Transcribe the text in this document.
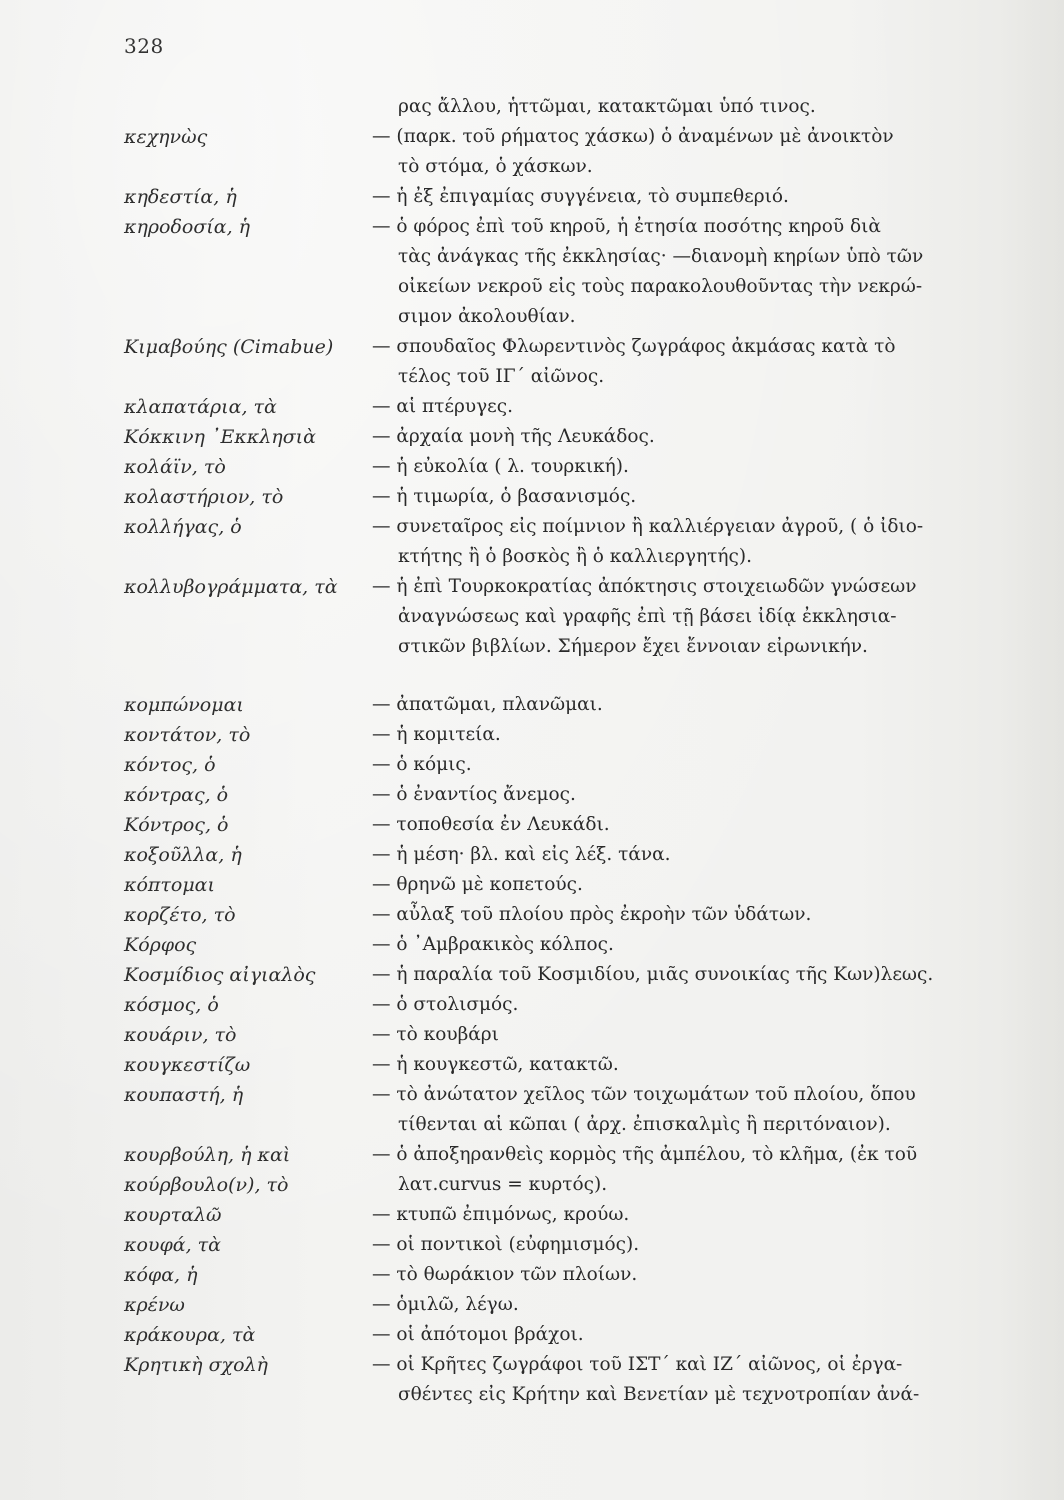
328
ρας ἄλλου, ἡττῶμαι, κατακτῶμαι ὑπό τινος.
κεχηνὼς	— (παρκ. τοῦ ρήματος χάσκω) ὁ ἀναμένων μὲ ἀνοικτὸν
τὸ στόμα, ὁ χάσκων.
κηδεστία, ἡ	— ἡ ἐξ ἐπιγαμίας συγγένεια, τὸ συμπεθεριό.
κηροδοσία, ἡ	— ὁ φόρος ἐπὶ τοῦ κηροῦ, ἡ ἐτησία ποσότης κηροῦ διὰ
τὰς ἀνάγκας τῆς ἐκκλησίας· —διανομὴ κηρίων ὑπὸ τῶν
οἰκείων νεκροῦ εἰς τοὺς παρακολουθοῦντας τὴν νεκρώ-
σιμον ἀκολουθίαν.
Κιμαβούης (Cimabue)	— σπουδαῖος Φλωρεντινὸς ζωγράφος ἀκμάσας κατὰ τὸ
τέλος τοῦ ΙΓ΄ αἰῶνος.
κλαπατάρια, τὰ	— αἱ πτέρυγες.
Κόκκινη ᾿Εκκλησιὰ	— ἀρχαία μονὴ τῆς Λευκάδος.
κολάϊν, τὸ	— ἡ εὐκολία ( λ. τουρκική).
κολαστήριον, τὸ	— ἡ τιμωρία, ὁ βασανισμός.
κολλήγας, ὁ	— συνεταῖρος εἰς ποίμνιον ἢ καλλιέργειαν ἀγροῦ, ( ὁ ἰδιο-
κτήτης ἢ ὁ βοσκὸς ἢ ὁ καλλιεργητής).
κολλυβογράμματα, τὰ	— ἡ ἐπὶ Τουρκοκρατίας ἀπόκτησις στοιχειωδῶν γνώσεων
ἀναγνώσεως καὶ γραφῆς ἐπὶ τῇ βάσει ἰδίᾳ ἐκκλησια-
στικῶν βιβλίων. Σήμερον ἔχει ἔννοιαν εἰρωνικήν.
κομπώνομαι	— ἀπατῶμαι, πλανῶμαι.
κοντάτον, τὸ	— ἡ κομιτεία.
κόντος, ὁ	— ὁ κόμις.
κόντρας, ὁ	— ὁ ἐναντίος ἄνεμος.
Κόντρος, ὁ	— τοποθεσία ἐν Λευκάδι.
κοξοῦλλα, ἡ	— ἡ μέση· βλ. καὶ εἰς λέξ. τάνα.
κόπτομαι	— θρηνῶ μὲ κοπετούς.
κορζέτο, τὸ	— αὖλαξ τοῦ πλοίου πρὸς ἐκροὴν τῶν ὑδάτων.
Κόρφος	— ὁ ᾿Αμβρακικὸς κόλπος.
Κοσμίδιος αἰγιαλὸς	— ἡ παραλία τοῦ Κοσμιδίου, μιᾶς συνοικίας τῆς Κων)λεως.
κόσμος, ὁ	— ὁ στολισμός.
κουάριν, τὸ	— τὸ κουβάρι
κουγκεστίζω	— ἡ κουγκεστῶ, κατακτῶ.
κουπαστή, ἡ	— τὸ ἀνώτατον χεῖλος τῶν τοιχωμάτων τοῦ πλοίου, ὅπου
τίθενται αἱ κῶπαι ( ἀρχ. ἐπισκαλμὶς ἢ περιτόναιον).
κουρβούλη, ἡ καὶ	— ὁ ἀποξηρανθεὶς κορμὸς τῆς ἀμπέλου, τὸ κλῆμα, (ἐκ τοῦ
κούρβουλο(ν), τὸ	λατ.curvus = κυρτός).
κουρταλῶ	— κτυπῶ ἐπιμόνως, κρούω.
κουφά, τὰ	— οἱ ποντικοὶ (εὐφημισμός).
κόφα, ἡ	— τὸ θωράκιον τῶν πλοίων.
κρένω	— ὁμιλῶ, λέγω.
κράκουρα, τὰ	— οἱ ἀπότομοι βράχοι.
Κρητικὴ σχολὴ	— οἱ Κρῆτες ζωγράφοι τοῦ ΙΣΤ΄ καὶ ΙΖ΄ αἰῶνος, οἱ ἐργα-
σθέντες εἰς Κρήτην καὶ Βενετίαν μὲ τεχνοτροπίαν ἀνά-
